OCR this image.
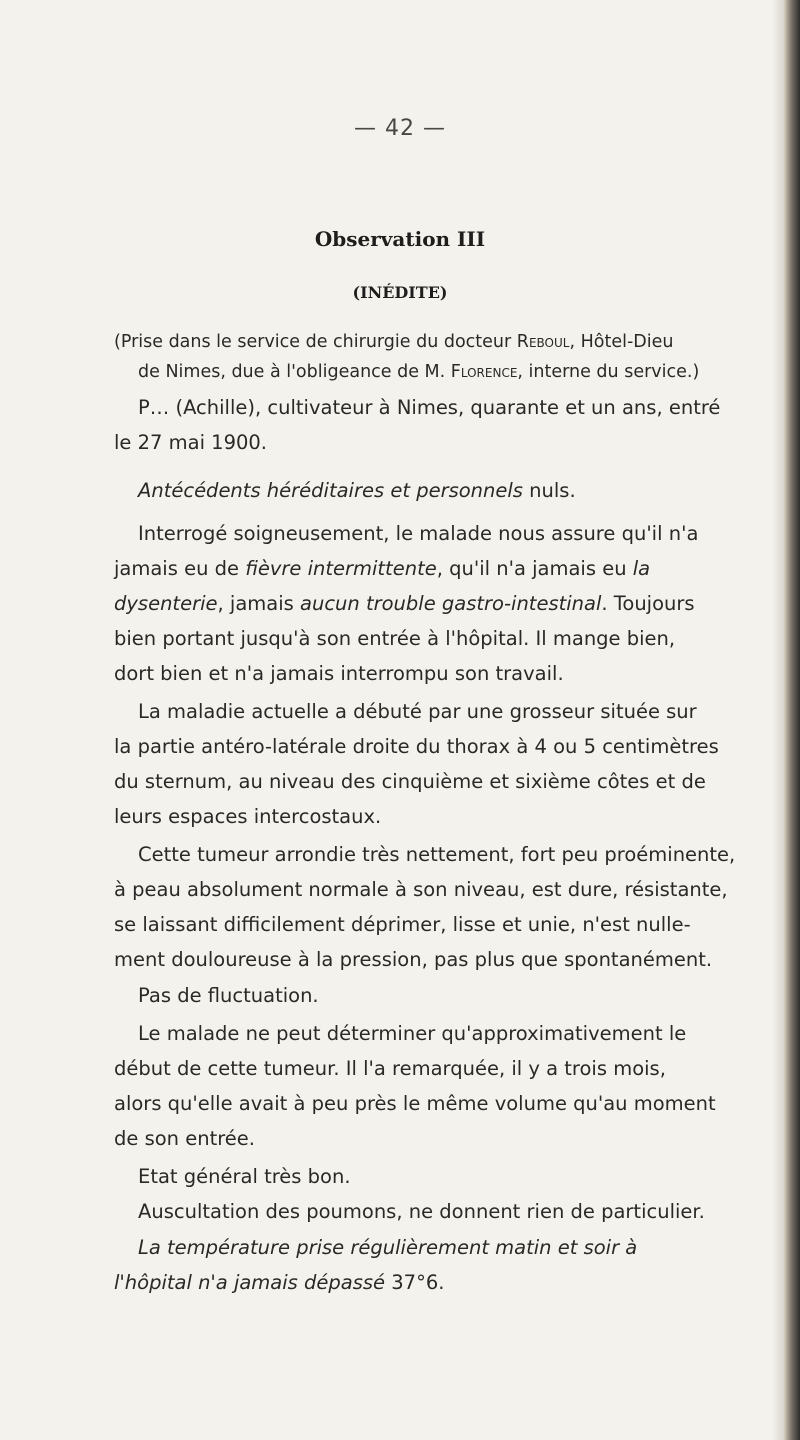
— 42 —
Observation III
(INÉDITE)
(Prise dans le service de chirurgie du docteur Reboul, Hôtel-Dieu
de Nimes, due à l'obligeance de M. Florence, interne du service.)
P… (Achille), cultivateur à Nimes, quarante et un ans, entré
le 27 mai 1900.
Antécédents héréditaires et personnels nuls.
Interrogé soigneusement, le malade nous assure qu'il n'a
jamais eu de fièvre intermittente, qu'il n'a jamais eu la
dysenterie, jamais aucun trouble gastro-intestinal. Toujours
bien portant jusqu'à son entrée à l'hôpital. Il mange bien,
dort bien et n'a jamais interrompu son travail.
La maladie actuelle a débuté par une grosseur située sur
la partie antéro-latérale droite du thorax à 4 ou 5 centimètres
du sternum, au niveau des cinquième et sixième côtes et de
leurs espaces intercostaux.
Cette tumeur arrondie très nettement, fort peu proéminente,
à peau absolument normale à son niveau, est dure, résistante,
se laissant difficilement déprimer, lisse et unie, n'est nulle-
ment douloureuse à la pression, pas plus que spontanément.
Pas de fluctuation.
Le malade ne peut déterminer qu'approximativement le
début de cette tumeur. Il l'a remarquée, il y a trois mois,
alors qu'elle avait à peu près le même volume qu'au moment
de son entrée.
Etat général très bon.
Auscultation des poumons, ne donnent rien de particulier.
La température prise régulièrement matin et soir à
l'hôpital n'a jamais dépassé 37°6.
